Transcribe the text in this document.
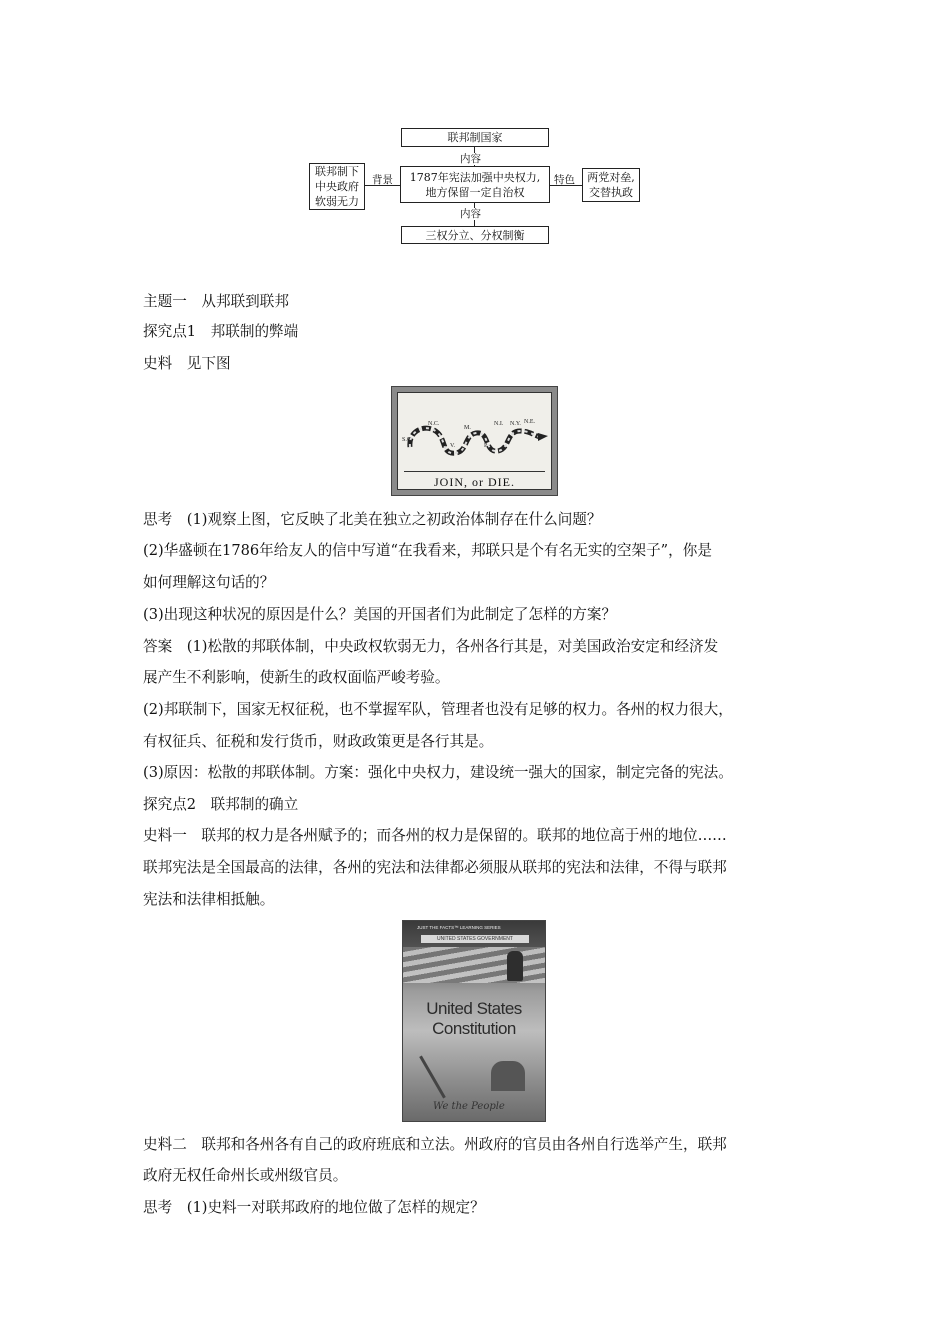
联邦制国家
内容
1787年宪法加强中央权力,
地方保留一定自治权
联邦制下
中央政府
软弱无力
背景	两党对垒,
交替执政
特色
内容
三权分立、分权制衡
主题一　从邦联到联邦
探究点1　邦联制的弊端
史料　见下图
S.C.
N.C.
V.
M.
P.
N.I. N.Y. N.E.
JOIN, or DIE.
思考　(1)观察上图，它反映了北美在独立之初政治体制存在什么问题？
(2)华盛顿在1786年给友人的信中写道“在我看来，邦联只是个有名无实的空架子”，你是
如何理解这句话的？
(3)出现这种状况的原因是什么？美国的开国者们为此制定了怎样的方案？
答案　(1)松散的邦联体制，中央政权软弱无力，各州各行其是，对美国政治安定和经济发
展产生不利影响，使新生的政权面临严峻考验。
(2)邦联制下，国家无权征税，也不掌握军队，管理者也没有足够的权力。各州的权力很大，
有权征兵、征税和发行货币，财政政策更是各行其是。
(3)原因：松散的邦联体制。方案：强化中央权力，建设统一强大的国家，制定完备的宪法。
探究点2　联邦制的确立
史料一　联邦的权力是各州赋予的；而各州的权力是保留的。联邦的地位高于州的地位……
联邦宪法是全国最高的法律，各州的宪法和法律都必须服从联邦的宪法和法律，不得与联邦
宪法和法律相抵触。
JUST THE FACTS™ LEARNING SERIES
UNITED STATES GOVERNMENT
United States
Constitution
We the People
史料二　联邦和各州各有自己的政府班底和立法。州政府的官员由各州自行选举产生，联邦
政府无权任命州长或州级官员。
思考　(1)史料一对联邦政府的地位做了怎样的规定？
